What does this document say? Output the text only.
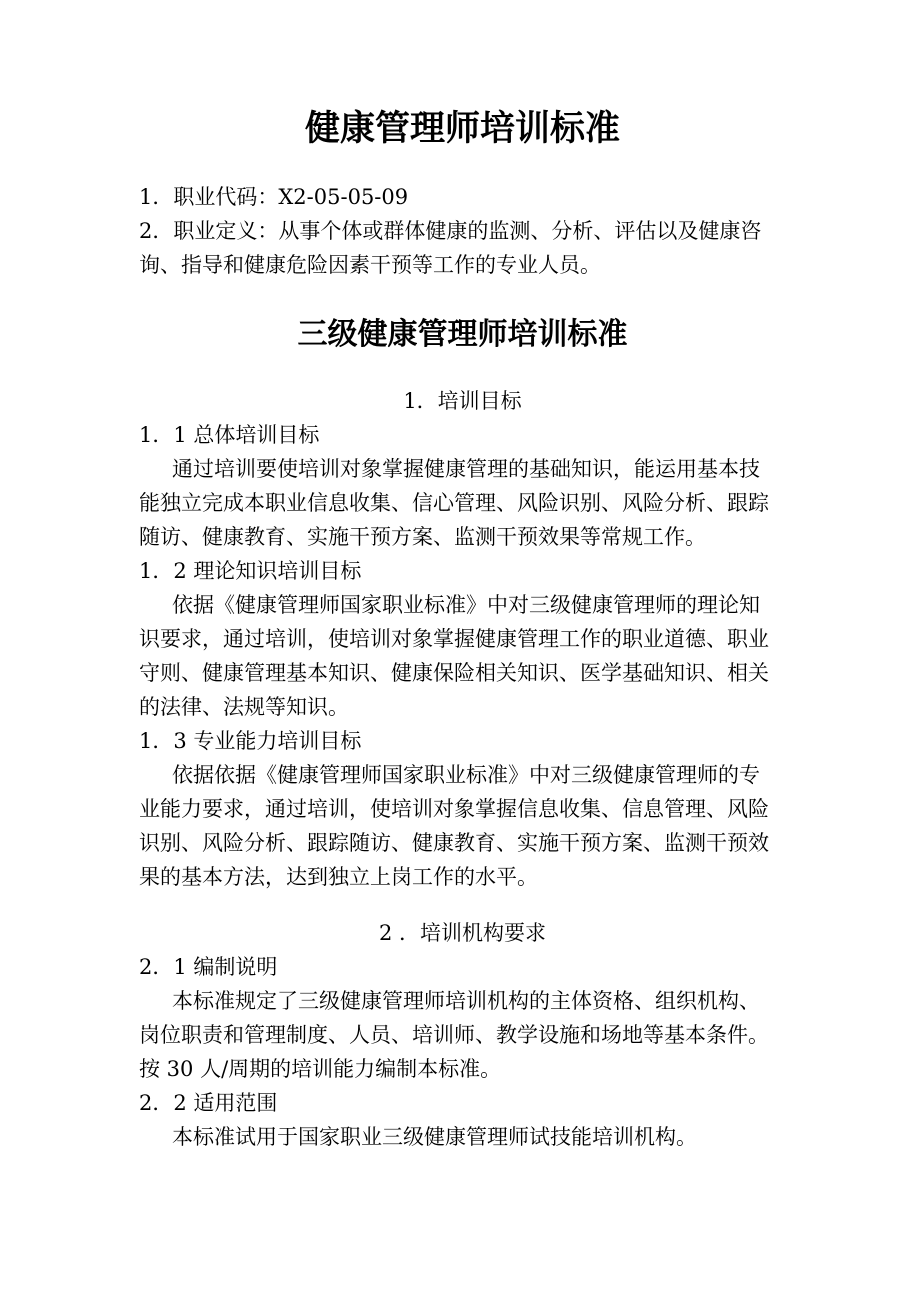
健康管理师培训标准

1．职业代码：X2-05-05-09

2．职业定义：从事个体或群体健康的监测、分析、评估以及健康咨

询、指导和健康危险因素干预等工作的专业人员。

三级健康管理师培训标准

1．培训目标

1．1 总体培训目标

通过培训要使培训对象掌握健康管理的基础知识，能运用基本技

能独立完成本职业信息收集、信心管理、风险识别、风险分析、跟踪

随访、健康教育、实施干预方案、监测干预效果等常规工作。

1．2 理论知识培训目标

依据《健康管理师国家职业标准》中对三级健康管理师的理论知

识要求，通过培训，使培训对象掌握健康管理工作的职业道德、职业

守则、健康管理基本知识、健康保险相关知识、医学基础知识、相关

的法律、法规等知识。

1．3 专业能力培训目标

依据依据《健康管理师国家职业标准》中对三级健康管理师的专

业能力要求，通过培训，使培训对象掌握信息收集、信息管理、风险

识别、风险分析、跟踪随访、健康教育、实施干预方案、监测干预效

果的基本方法，达到独立上岗工作的水平。

2 ．培训机构要求

2．1 编制说明

本标准规定了三级健康管理师培训机构的主体资格、组织机构、

岗位职责和管理制度、人员、培训师、教学设施和场地等基本条件。

按 30 人/周期的培训能力编制本标准。

2．2 适用范围

本标准试用于国家职业三级健康管理师试技能培训机构。
